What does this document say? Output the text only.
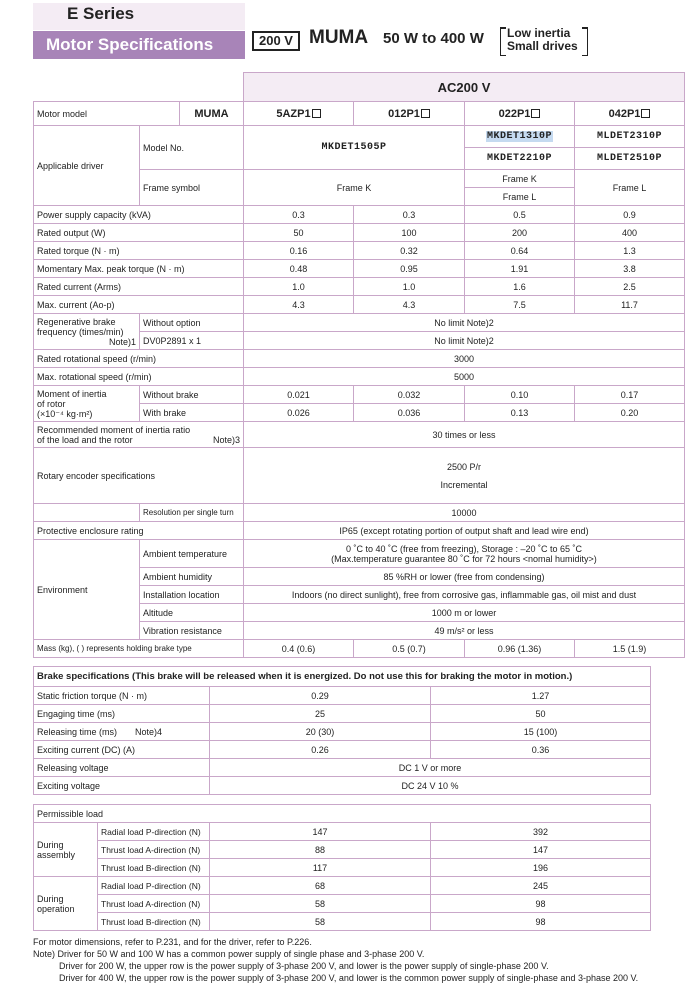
E Series
Motor Specifications	200 V MUMA 50 W to 400 W Low inertia
Small drives
			AC200 V			
Motor model		MUMA	5AZP1	012P1	022P1	042P1
Applicable driver	Model No.		MKDET1505P		MKDET1310P	MLDET2310P
					MKDET2210P	MLDET2510P
	Frame symbol		Frame K		Frame K	Frame L
					Frame L	
Power supply capacity (kVA)			0.3	0.3	0.5	0.9
Rated output (W)			50	100	200	400
Rated torque (N · m)			0.16	0.32	0.64	1.3
Momentary Max. peak torque (N · m)			0.48	0.95	1.91	3.8
Rated current (Arms)			1.0	1.0	1.6	2.5
Max. current (Ao-p)			4.3	4.3	7.5	11.7

Regenerative brake
frequency (times/min)
Note)1	Without option		No limit Note)2			
	DV0P2891 x 1		No limit Note)2			
Rated rotational speed (r/min)			3000			
Max. rotational speed (r/min)			5000			

Moment of inertia
of rotor
(×10⁻⁴ kg·m²)	Without brake		0.021	0.032	0.10	0.17
	With brake		0.026	0.036	0.13	0.20

Recommended moment of inertia ratio
of the load and the rotor Note)3			30 times or less			
Rotary encoder specifications			2500 P/r
Incremental			

	Resolution per single turn		10000			
Protective enclosure rating			IP65 (except rotating portion of output shaft and lead wire end)			
Environment	Ambient temperature		0 ˚C to 40 ˚C (free from freezing), Storage : –20 ˚C to 65 ˚C
(Max.temperature guarantee 80 ˚C for 72 hours <nomal humidity>)			

	Ambient humidity		85 %RH or lower (free from condensing)			
	Installation location		Indoors (no direct sunlight), free from corrosive gas, inflammable gas, oil mist and dust			
	Altitude		1000 m or lower			
	Vibration resistance		49 m/s² or less			
Mass (kg), ( ) represents holding brake type			0.4 (0.6)	0.5 (0.7)	0.96 (1.36)	1.5 (1.9)
Brake specifications (This brake will be released when it is energized. Do not use this for braking the motor in motion.)		
Static friction torque (N · m)	0.29	1.27
Engaging time (ms)	25	50
Releasing time (ms) Note)4	20 (30)	15 (100)
Exciting current (DC) (A)	0.26	0.36
Releasing voltage	DC 1 V or more	
Exciting voltage	DC 24 V 10 %	
Permissible load			

During
assembly	Radial load P-direction (N)	147	392
	Thrust load A-direction (N)	88	147
	Thrust load B-direction (N)	117	196

During
operation	Radial load P-direction (N)	68	245
	Thrust load A-direction (N)	58	98
	Thrust load B-direction (N)	58	98
For motor dimensions, refer to P.231, and for the driver, refer to P.226.
Note) Driver for 50 W and 100 W has a common power supply of single phase and 3-phase 200 V.
Driver for 200 W, the upper row is the power supply of 3-phase 200 V, and lower is the power supply of single-phase 200 V.
Driver for 400 W, the upper row is the power supply of 3-phase 200 V, and lower is the common power supply of single-phase and 3-phase 200 V.
